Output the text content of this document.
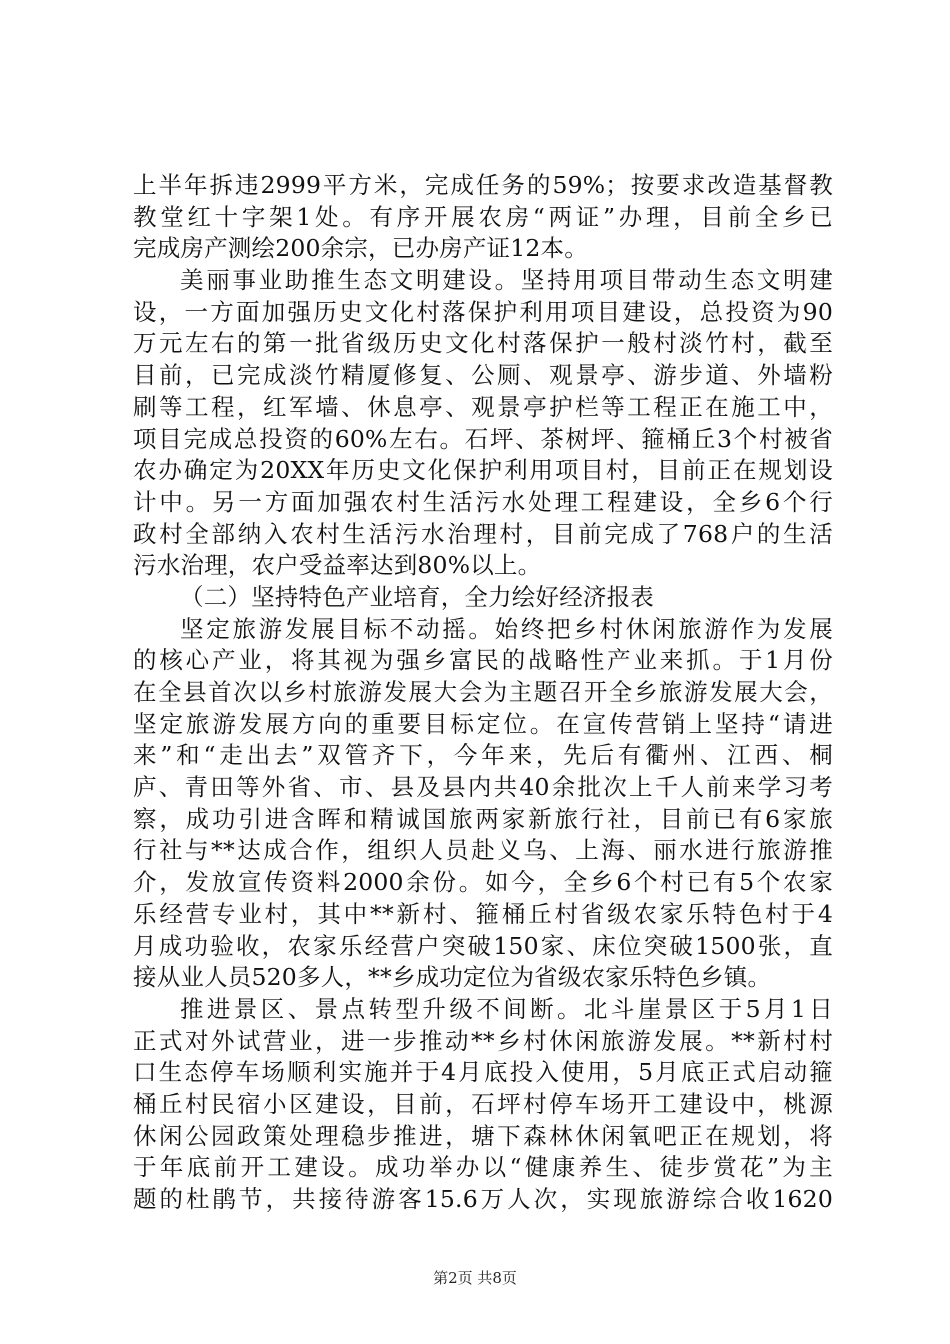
上半年拆违2999平方米，完成任务的59%；按要求改造基督教
教堂红十字架1处。有序开展农房“两证”办理，目前全乡已
完成房产测绘200余宗，已办房产证12本。
美丽事业助推生态文明建设。坚持用项目带动生态文明建
设，一方面加强历史文化村落保护利用项目建设，总投资为90
万元左右的第一批省级历史文化村落保护一般村淡竹村，截至
目前，已完成淡竹精厦修复、公厕、观景亭、游步道、外墙粉
刷等工程，红军墙、休息亭、观景亭护栏等工程正在施工中，
项目完成总投资的60%左右。石坪、茶树坪、箍桶丘3个村被省
农办确定为20XX年历史文化保护利用项目村，目前正在规划设
计中。另一方面加强农村生活污水处理工程建设，全乡6个行
政村全部纳入农村生活污水治理村，目前完成了768户的生活
污水治理，农户受益率达到80%以上。
（二）坚持特色产业培育，全力绘好经济报表
坚定旅游发展目标不动摇。始终把乡村休闲旅游作为发展
的核心产业，将其视为强乡富民的战略性产业来抓。于1月份
在全县首次以乡村旅游发展大会为主题召开全乡旅游发展大会，
坚定旅游发展方向的重要目标定位。在宣传营销上坚持“请进
来”和“走出去”双管齐下，今年来，先后有衢州、江西、桐
庐、青田等外省、市、县及县内共40余批次上千人前来学习考
察，成功引进含晖和精诚国旅两家新旅行社，目前已有6家旅
行社与**达成合作，组织人员赴义乌、上海、丽水进行旅游推
介，发放宣传资料2000余份。如今，全乡6个村已有5个农家
乐经营专业村，其中**新村、箍桶丘村省级农家乐特色村于4
月成功验收，农家乐经营户突破150家、床位突破1500张，直
接从业人员520多人，**乡成功定位为省级农家乐特色乡镇。
推进景区、景点转型升级不间断。北斗崖景区于5月1日
正式对外试营业，进一步推动**乡村休闲旅游发展。**新村村
口生态停车场顺利实施并于4月底投入使用，5月底正式启动箍
桶丘村民宿小区建设，目前，石坪村停车场开工建设中，桃源
休闲公园政策处理稳步推进，塘下森林休闲氧吧正在规划，将
于年底前开工建设。成功举办以“健康养生、徒步赏花”为主
题的杜鹃节，共接待游客15.6万人次，实现旅游综合收1620
第2页 共8页
